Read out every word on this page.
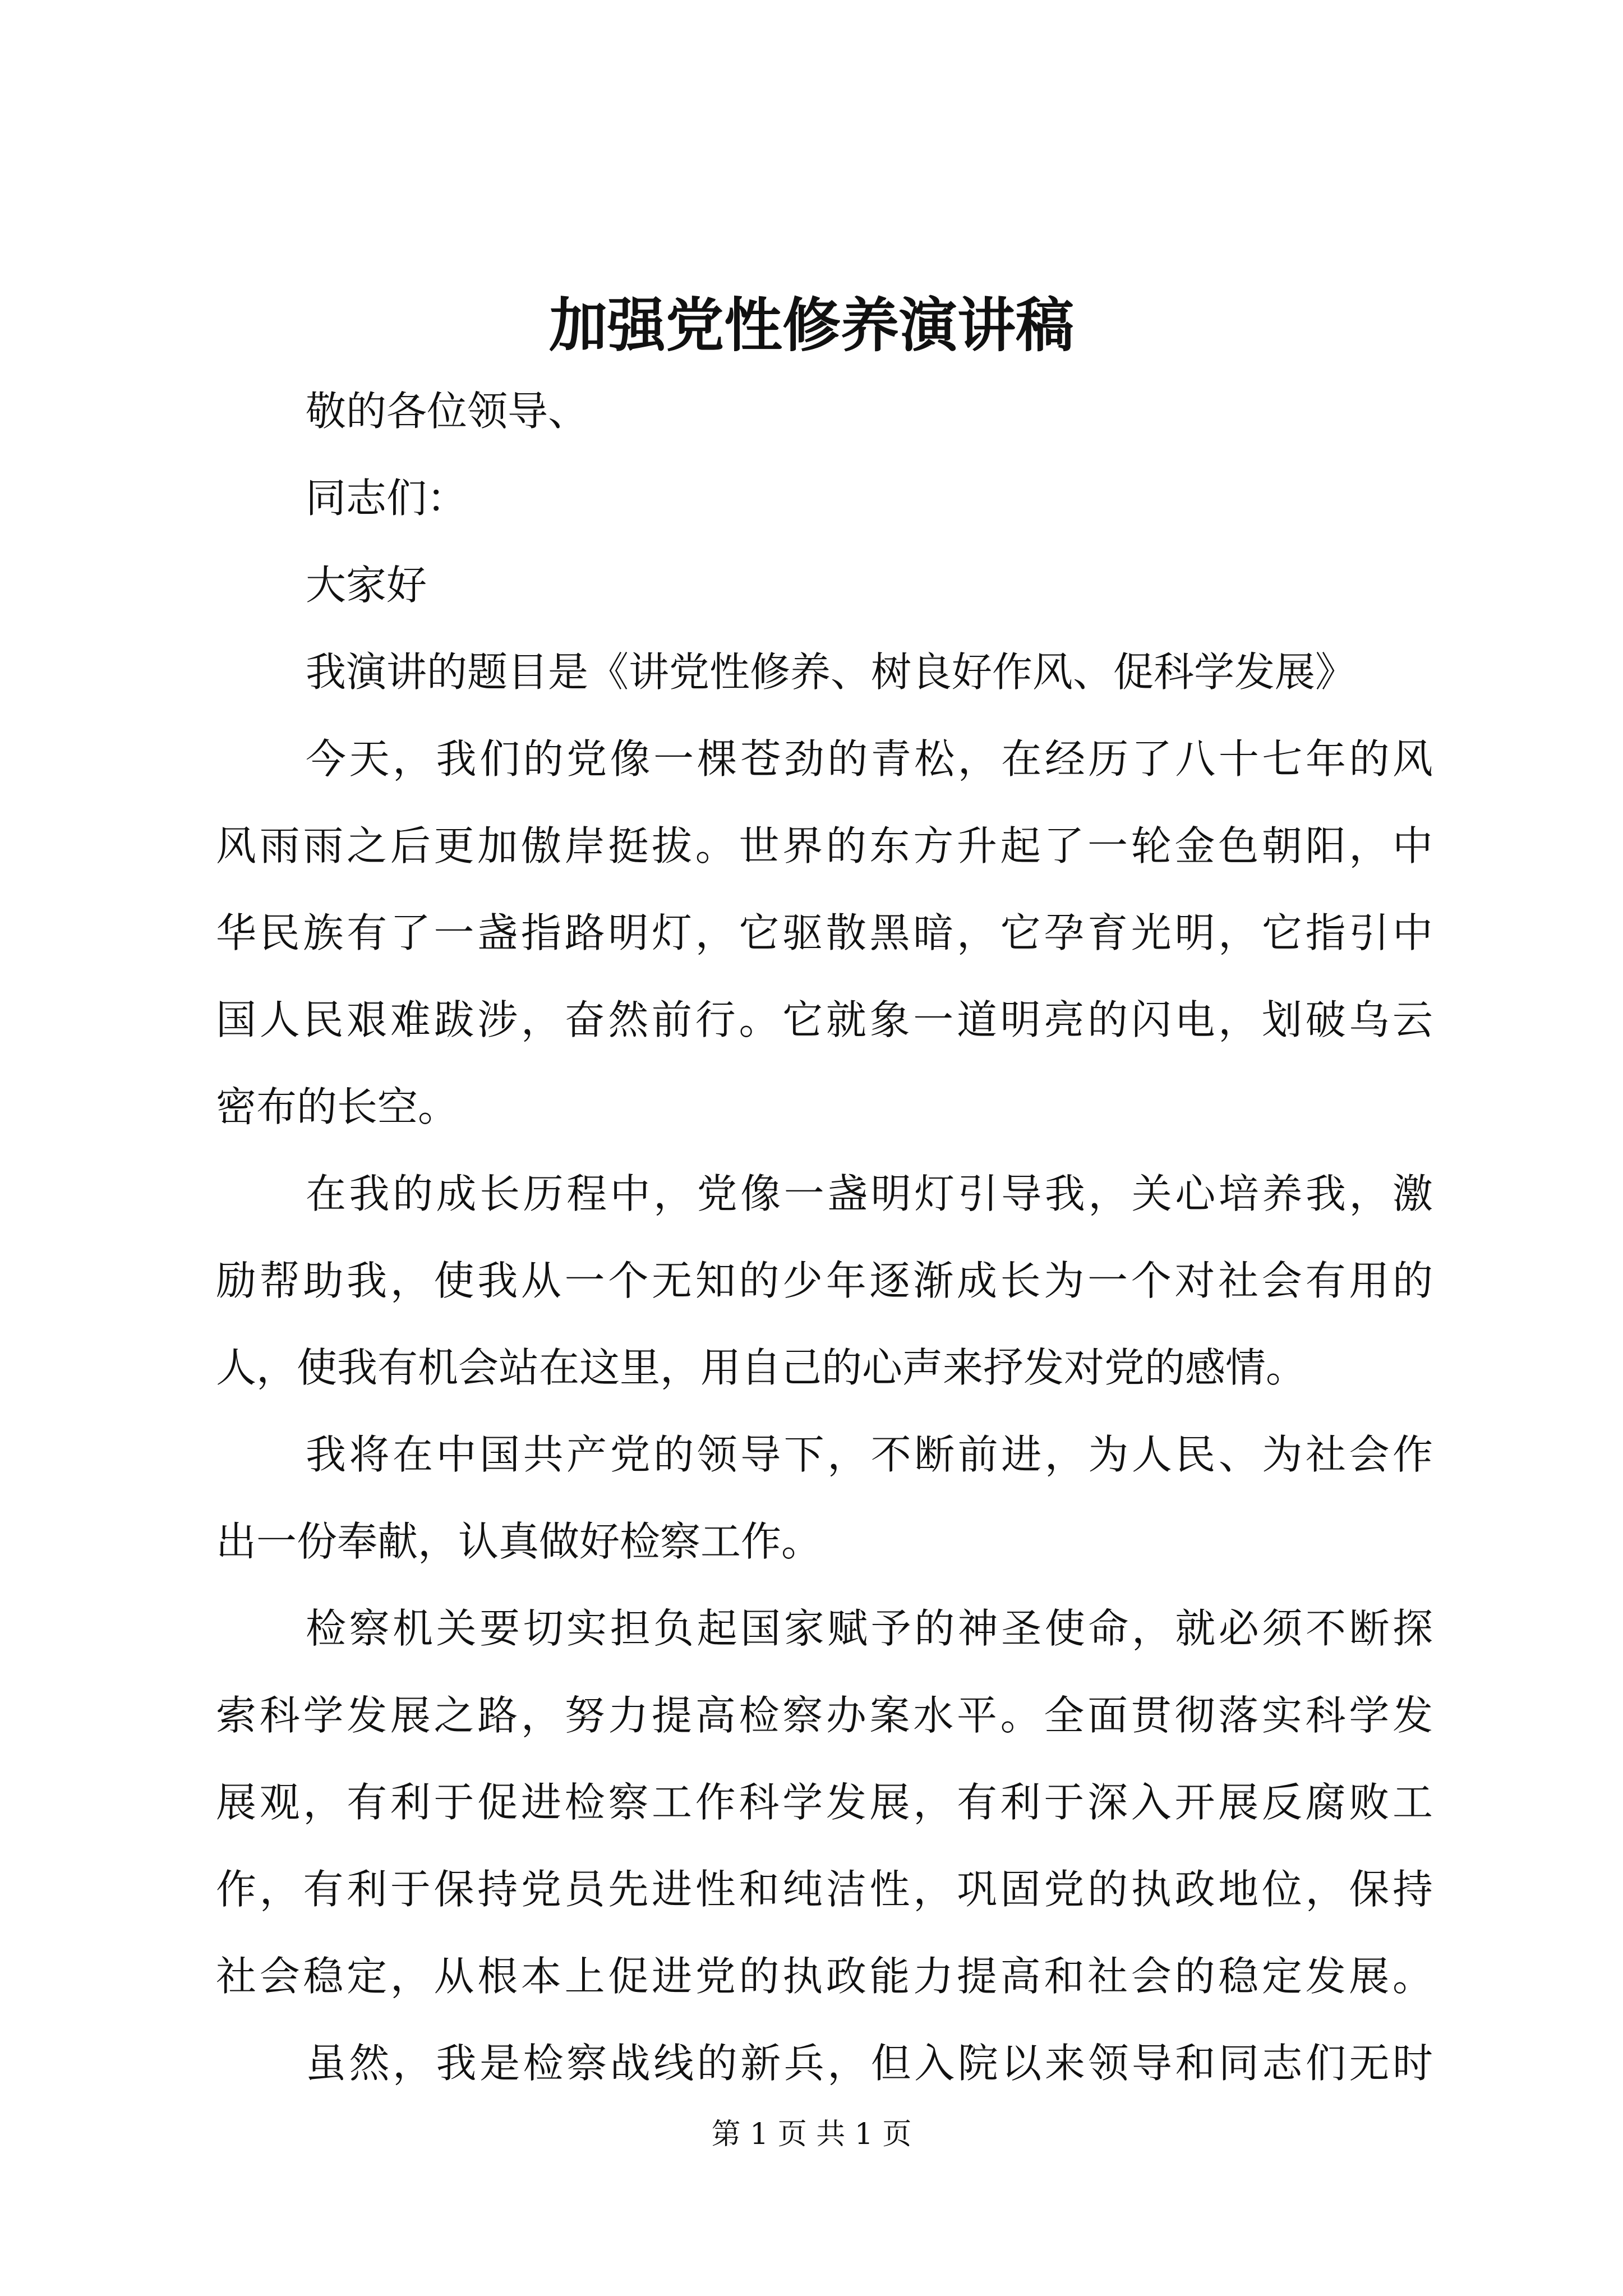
加强党性修养演讲稿

敬的各位领导、

同志们：

大家好

我演讲的题目是《讲党性修养、树良好作风、促科学发展》

今天，我们的党像一棵苍劲的青松，在经历了八十七年的风

风雨雨之后更加傲岸挺拔。世界的东方升起了一轮金色朝阳，中

华民族有了一盏指路明灯，它驱散黑暗，它孕育光明，它指引中

国人民艰难跋涉，奋然前行。它就象一道明亮的闪电，划破乌云

密布的长空。

在我的成长历程中，党像一盏明灯引导我，关心培养我，激

励帮助我，使我从一个无知的少年逐渐成长为一个对社会有用的

人，使我有机会站在这里，用自己的心声来抒发对党的感情。

我将在中国共产党的领导下，不断前进，为人民、为社会作

出一份奉献，认真做好检察工作。

检察机关要切实担负起国家赋予的神圣使命，就必须不断探

索科学发展之路，努力提高检察办案水平。全面贯彻落实科学发

展观，有利于促进检察工作科学发展，有利于深入开展反腐败工

作，有利于保持党员先进性和纯洁性，巩固党的执政地位，保持

社会稳定，从根本上促进党的执政能力提高和社会的稳定发展。

虽然，我是检察战线的新兵，但入院以来领导和同志们无时

第 1 页 共 1 页
